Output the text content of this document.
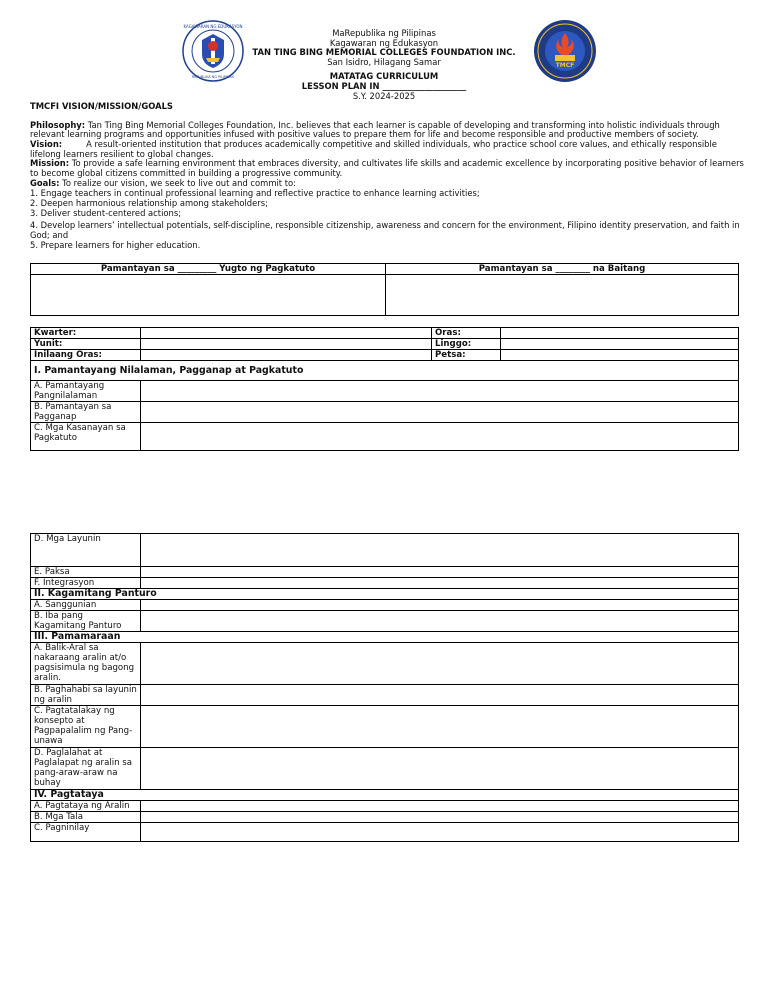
KAGAWARAN NG EDUKASYON
REPUBLIKA NG PILIPINAS
TMCF
MaRepublika ng Pilipinas
Kagawaran ng Edukasyon
TAN TING BING MEMORIAL COLLEGES FOUNDATION INC.
San Isidro, Hilagang Samar
MATATAG CURRICULUM
LESSON PLAN IN ____________________
S.Y. 2024-2025
TMCFI VISION/MISSION/GOALS
Philosophy: Tan Ting Bing Memorial Colleges Foundation, Inc. believes that each learner is capable of developing and transforming into holistic individuals through
relevant learning programs and opportunities infused with positive values to prepare them for life and become responsible and productive members of society.
Vision:	A result-oriented institution that produces academically competitive and skilled individuals, who practice school core values, and ethically responsible
lifelong learners resilient to global changes.
Mission: To provide a safe learning environment that embraces diversity, and cultivates life skills and academic excellence by incorporating positive behavior of learners
to become global citizens committed in building a progressive community.
Goals: To realize our vision, we seek to live out and commit to:
1. Engage teachers in continual professional learning and reflective practice to enhance learning activities;
2. Deepen harmonious relationship among stakeholders;
3. Deliver student-centered actions;
4. Develop learners’ intellectual potentials, self-discipline, responsible citizenship, awareness and concern for the environment, Filipino identity preservation, and faith in
God; and
5. Prepare learners for higher education.
Pamantayan sa _________ Yugto ng Pagkatuto	Pamantayan sa ________ na Baitang

Kwarter:		Oras:	
Yunit:		Linggo:	
Inilaang Oras:		Petsa:	
I. Pamantayang Nilalaman, Pagganap at Pagkatuto			
A. Pamantayang Pangnilalaman			
B. Pamantayan sa Pagganap			
C. Mga Kasanayan sa Pagkatuto			
D. Mga Layunin	
E. Paksa	
F. Integrasyon	
II. Kagamitang Panturo	
A. Sanggunian	
B. Iba pang Kagamitang Panturo	
III. Pamamaraan	
A. Balik-Aral sa nakaraang aralin at/o pagsisimula ng bagong aralin.	
B. Paghahabi sa layunin ng aralin	
C. Pagtatalakay ng konsepto at Pagpapalalim ng Pang-unawa	
D. Paglalahat at Paglalapat ng aralin sa pang-araw-araw na buhay	
IV. Pagtataya	
A. Pagtataya ng Aralin	
B. Mga Tala	
C. Pagninilay	
